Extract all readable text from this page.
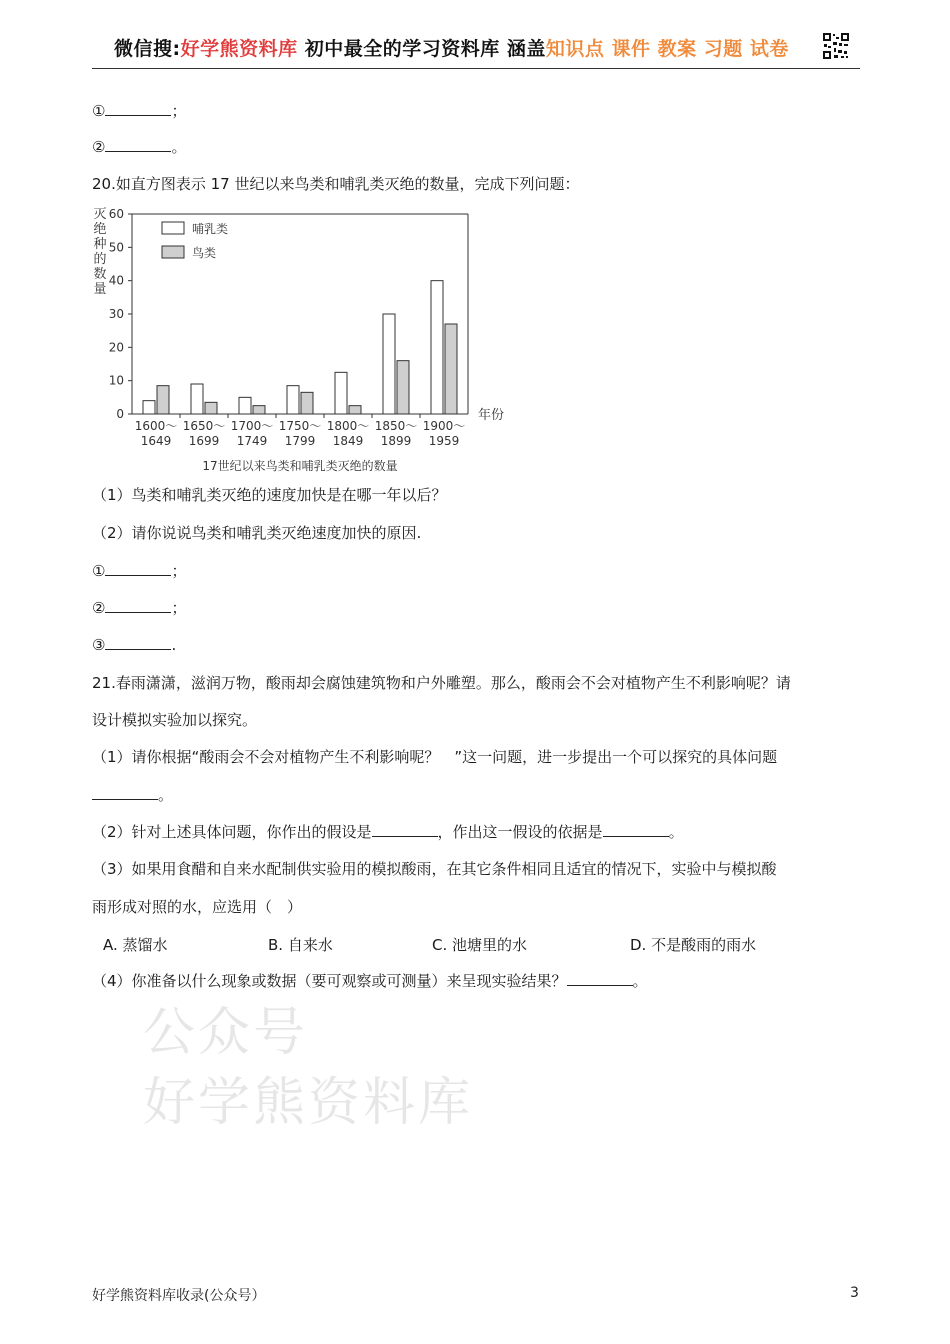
微信搜:好学熊资料库 初中最全的学习资料库 涵盖知识点 课件 教案 习题 试卷
①	；
②	。
20.如直方图表示 17 世纪以来鸟类和哺乳类灭绝的数量，完成下列问题：
灭绝种的数量
0
10
20
30
40
50
60
1600～
1649
1650～
1699
1700～
1749
1750～
1799
1800～
1849
1850～
1899
1900～
1959
年份
哺乳类
鸟类
17世纪以来鸟类和哺乳类灭绝的数量
（1）鸟类和哺乳类灭绝的速度加快是在哪一年以后？
（2）请你说说鸟类和哺乳类灭绝速度加快的原因.
①	；
②	；
③	.
21.春雨潇潇，滋润万物，酸雨却会腐蚀建筑物和户外雕塑。那么，酸雨会不会对植物产生不利影响呢？请
设计模拟实验加以探究。
（1）请你根据“酸雨会不会对植物产生不利影响呢？　”这一问题，进一步提出一个可以探究的具体问题
。
（2）针对上述具体问题，你作出的假设是	，作出这一假设的依据是	。
（3）如果用食醋和自来水配制供实验用的模拟酸雨，在其它条件相同且适宜的情况下，实验中与模拟酸
雨形成对照的水，应选用（　）
A. 蒸馏水	B. 自来水	C. 池塘里的水	D. 不是酸雨的雨水
（4）你准备以什么现象或数据（要可观察或可测量）来呈现实验结果？	。
公众号
好学熊资料库
好学熊资料库收录(公众号）	3
